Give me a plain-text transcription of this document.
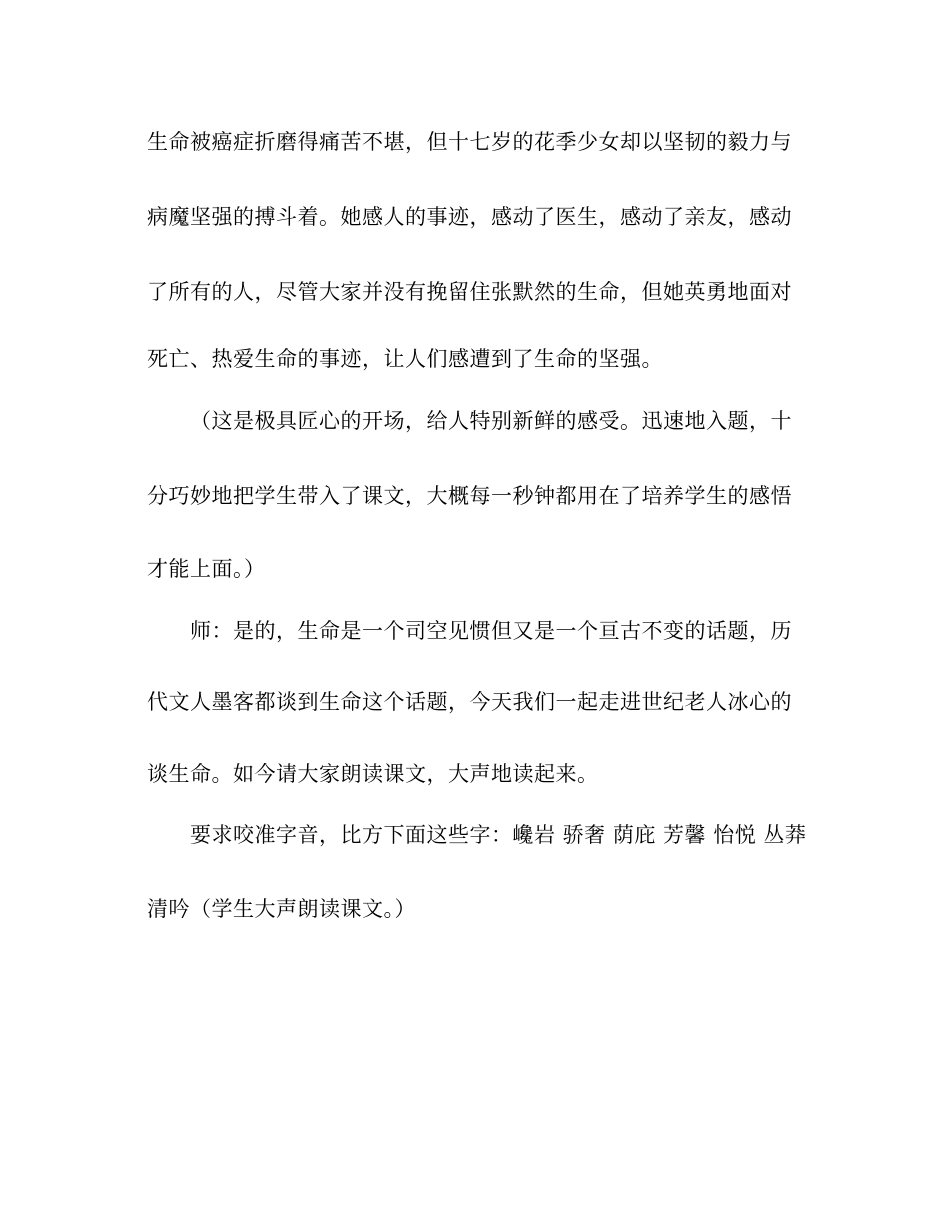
生命被癌症折磨得痛苦不堪，但十七岁的花季少女却以坚韧的毅力与
病魔坚强的搏斗着。她感人的事迹，感动了医生，感动了亲友，感动
了所有的人，尽管大家并没有挽留住张默然的生命，但她英勇地面对
死亡、热爱生命的事迹，让人们感遭到了生命的坚强。
（这是极具匠心的开场，给人特别新鲜的感受。迅速地入题，十
分巧妙地把学生带入了课文，大概每一秒钟都用在了培养学生的感悟
才能上面。）
师：是的，生命是一个司空见惯但又是一个亘古不变的话题，历
代文人墨客都谈到生命这个话题，今天我们一起走进世纪老人冰心的
谈生命。如今请大家朗读课文，大声地读起来。
要求咬准字音，比方下面这些字：巉岩 骄奢 荫庇 芳馨 怡悦 丛莽
清吟（学生大声朗读课文。）
